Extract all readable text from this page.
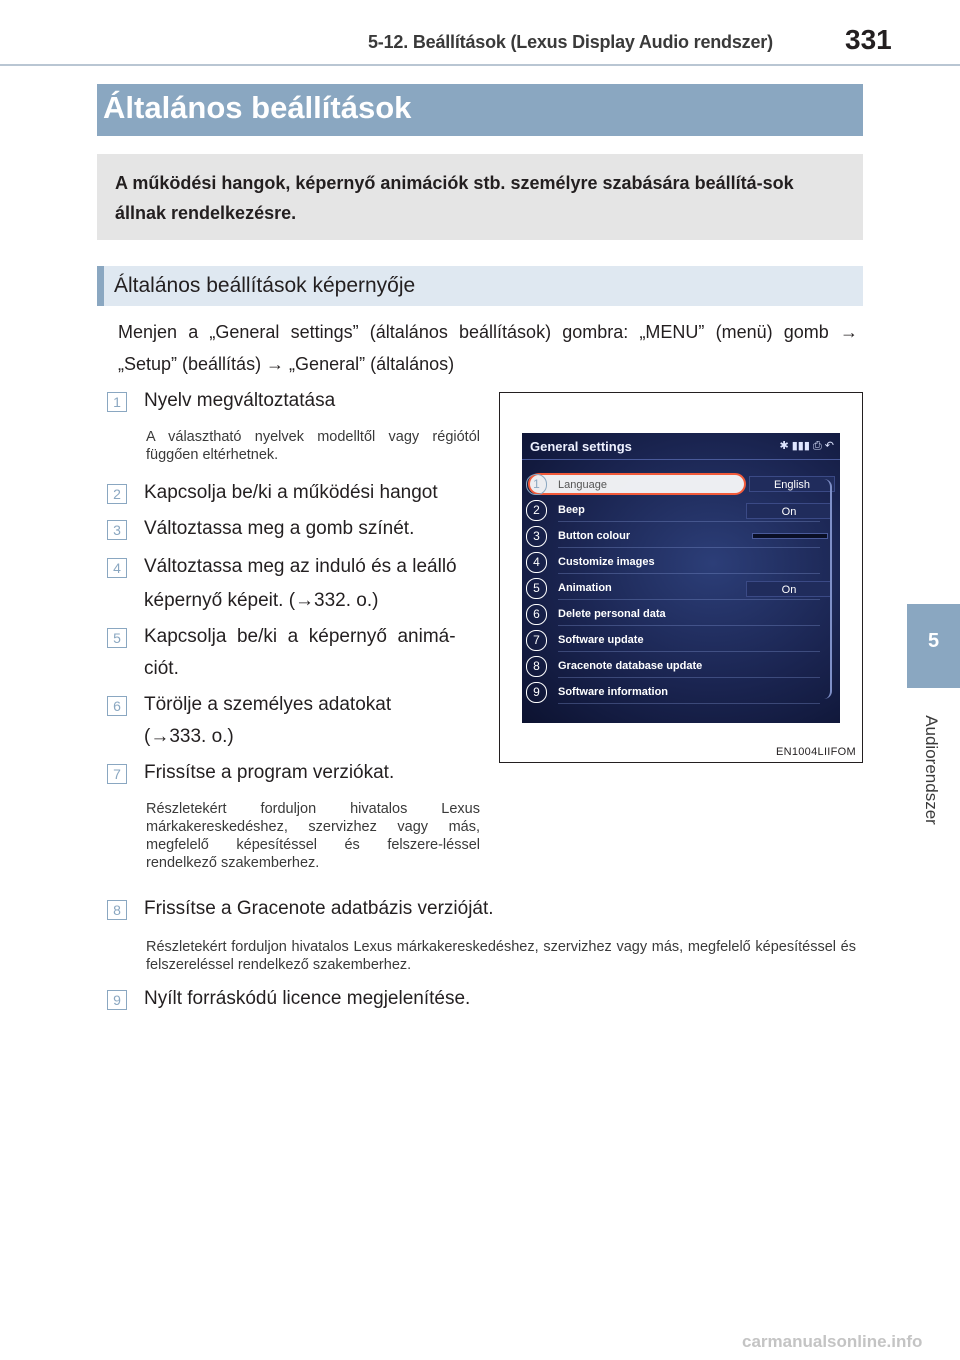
5-12. Beállítások (Lexus Display Audio rendszer)	331
5
Audiorendszer
Általános beállítások

A működési hangok, képernyő animációk stb. személyre szabására beállítá-sok állnak rendelkezésre.

Általános beállítások képernyője
Menjen a „General settings” (általános beállítások) gombra: „MENU” (menü) gomb → „Setup” (beállítás) → „General” (általános)
1	Nyelv megváltoztatása
A választható nyelvek modelltől vagy régiótól függően eltérhetnek.
2	Kapcsolja be/ki a működési hangot
3	Változtassa meg a gomb színét.
4	Változtassa meg az induló és a leálló
képernyő képeit. (→332. o.)
5	Kapcsolja  be/ki  a  képernyő  animá-
ciót.
6	Törölje a személyes adatokat
(→333. o.)
7	Frissítse a program verziókat.
Részletekért forduljon hivatalos Lexus márkakereskedéshez, szervizhez vagy más, megfelelő képesítéssel és felszere-léssel rendelkező szakemberhez.
8	Frissítse a Gracenote adatbázis verzióját.
Részletekért forduljon hivatalos Lexus márkakereskedéshez, szervizhez vagy más, megfelelő képesítéssel és felszereléssel rendelkező szakemberhez.
9	Nyílt forráskódú licence megjelenítése.
General settings	✱ ▮▮▮ ⎙ ↶
Language	English
Beep	On
Button colour
Customize images
Animation	On
Delete personal data
Software update
Gracenote database update
Software information
1
2
3
4
5
6
7
8
9
EN1004LIIFOM
carmanualsonline.info
